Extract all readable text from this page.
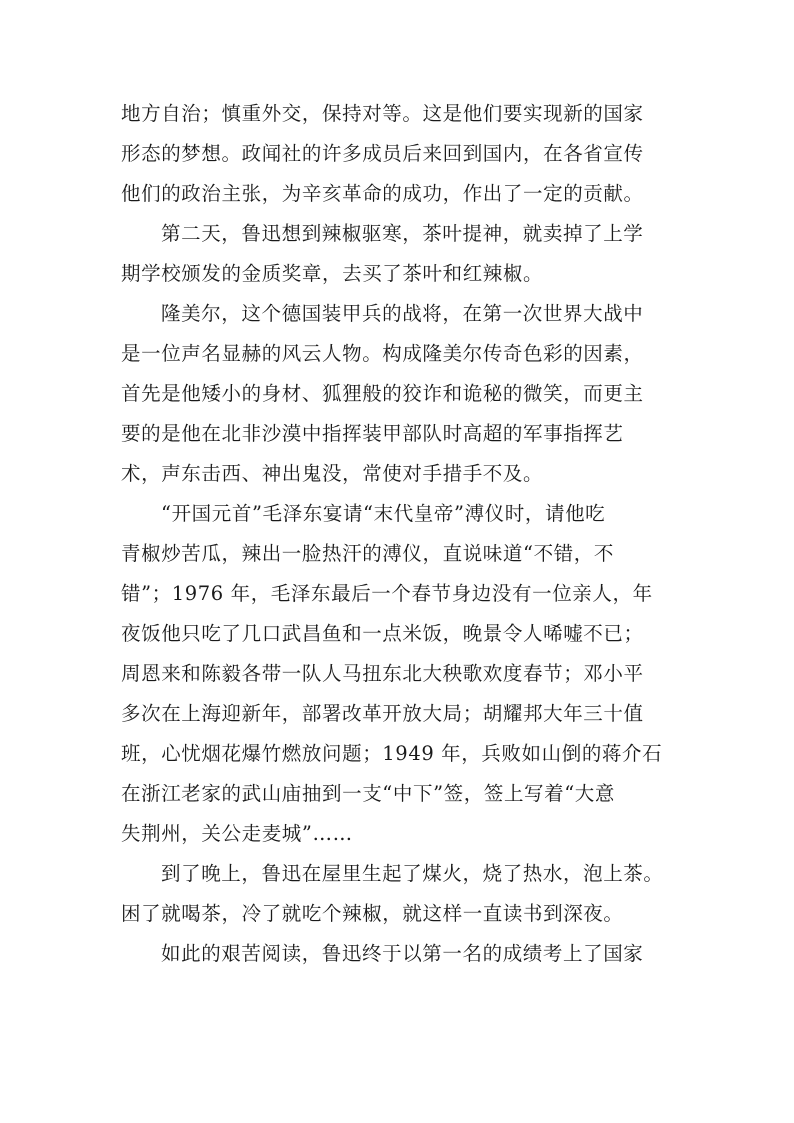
地方自治；慎重外交，保持对等。这是他们要实现新的国家
形态的梦想。政闻社的许多成员后来回到国内，在各省宣传
他们的政治主张，为辛亥革命的成功，作出了一定的贡献。
第二天，鲁迅想到辣椒驱寒，茶叶提神，就卖掉了上学
期学校颁发的金质奖章，去买了茶叶和红辣椒。
隆美尔，这个德国装甲兵的战将，在第一次世界大战中
是一位声名显赫的风云人物。构成隆美尔传奇色彩的因素，
首先是他矮小的身材、狐狸般的狡诈和诡秘的微笑，而更主
要的是他在北非沙漠中指挥装甲部队时高超的军事指挥艺
术，声东击西、神出鬼没，常使对手措手不及。
“开国元首”毛泽东宴请“末代皇帝”溥仪时，请他吃
青椒炒苦瓜，辣出一脸热汗的溥仪，直说味道“不错，不
错”；1976 年，毛泽东最后一个春节身边没有一位亲人，年
夜饭他只吃了几口武昌鱼和一点米饭，晚景令人唏嘘不已；
周恩来和陈毅各带一队人马扭东北大秧歌欢度春节；邓小平
多次在上海迎新年，部署改革开放大局；胡耀邦大年三十值
班，心忧烟花爆竹燃放问题；1949 年，兵败如山倒的蒋介石
在浙江老家的武山庙抽到一支“中下”签，签上写着“大意
失荆州，关公走麦城”……
到了晚上，鲁迅在屋里生起了煤火，烧了热水，泡上茶。
困了就喝茶，冷了就吃个辣椒，就这样一直读书到深夜。
如此的艰苦阅读，鲁迅终于以第一名的成绩考上了国家
